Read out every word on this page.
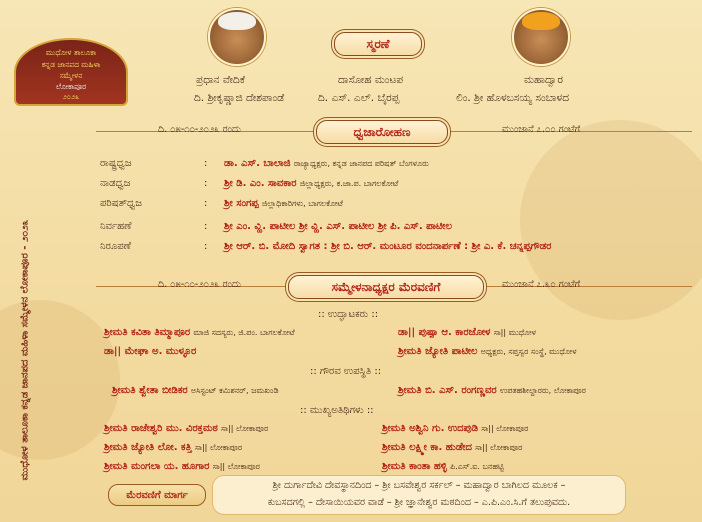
ಮುಧೋಳ ತಾಲೂಕಾ
ಕನ್ನಡ ಜಾನಪದ ಮಹಿಳಾ
ಸಮ್ಮೇಳನ
ಲೋಕಾಪೂರ
೨೦೨೩
ಸ್ಮರಣೆ
ಪ್ರಧಾನ ವೇದಿಕೆ
ದಿ. ಶ್ರೀಕೃಷ್ಣಾಜಿ ದೇಶಪಾಂಡೆ
ದಾಸೋಹ ಮಂಟಪ
ದಿ. ಎಸ್. ಎಲ್. ಬೈರಪ್ಪ
ಮಹಾದ್ವಾರ
ಲಿಂ. ಶ್ರೀ ಹೊಳಬಸಯ್ಯ ಸಂಬಾಳದ
ದಿ. ೦೫-೧೦-೨೦೨೩ ರಂದು	ಧ್ವಜಾರೋಹಣ	ಮುಂಜಾನೆ ೭.೦೦ ಗಂಟೆಗೆ
ರಾಷ್ಟ್ರಧ್ವಜ	: ಡಾ. ಎಸ್. ಬಾಲಾಜಿ ರಾಜ್ಯಾಧ್ಯಕ್ಷರು, ಕನ್ನಡ ಜಾನಪದ ಪರಿಷತ್ ಬೆಂಗಳೂರು
ನಾಡಧ್ವಜ	: ಶ್ರೀ ಡಿ. ಎಂ. ಸಾವಕಾರ ಜಿಲ್ಲಾಧ್ಯಕ್ಷರು, ಕ.ಜಾ.ಪ. ಬಾಗಲಕೋಟೆ
ಪರಿಷತ್‌ಧ್ವಜ	: ಶ್ರೀ ಸಂಗಪ್ಪ ಜಿಲ್ಲಾಧಿಕಾರಿಗಳು, ಬಾಗಲಕೋಟೆ
ನಿರ್ವಹಣೆ	: ಶ್ರೀ ಎಂ. ವ್ಹಿ. ಪಾಟೀಲ ಶ್ರೀ ವ್ಹಿ. ಎಸ್. ಪಾಟೀಲ ಶ್ರೀ ಪಿ. ಎಸ್. ಪಾಟೀಲ
ನಿರೂಪಣೆ	: ಶ್ರೀ ಆರ್. ಬಿ. ಮೋದಿ ಸ್ವಾಗತ : ಶ್ರೀ ಬಿ. ಆರ್. ಮಂಟೂರ ವಂದನಾರ್ಪಣೆ : ಶ್ರೀ ಎ. ಕೆ. ಚನ್ನಪ್ಪಗೌಡರ
ದಿ. ೦೫-೧೦-೨೦೨೩ ರಂದು	ಸಮ್ಮೇಳನಾಧ್ಯಕ್ಷರ ಮೆರವಣಿಗೆ	ಮುಂಜಾನೆ ೭.೩೦ ಗಂಟೆಗೆ
:: ಉದ್ಘಾಟಕರು ::
ಶ್ರೀಮತಿ ಕವಿತಾ ತಿಮ್ಮಾಪೂರ ಮಾಜಿ ಸದಸ್ಯರು, ಜಿ.ಪಂ. ಬಾಗಲಕೋಟೆ	ಡಾ|| ಪುಷ್ಪಾ ಆ. ಕಾರಜೋಳ ಸಾ|| ಮುಧೋಳ
ಡಾ|| ಮೇಘಾ ಅ. ಮುಳ್ಳೂರ	ಶ್ರೀಮತಿ ಜ್ಯೋತಿ ಪಾಟೀಲ ಅಧ್ಯಕ್ಷರು, ಸಪ್ತಸ್ವರ ಸಂಸ್ಥೆ, ಮುಧೋಳ
:: ಗೌರವ ಉಪಸ್ಥಿತಿ ::
ಶ್ರೀಮತಿ ಶ್ವೇತಾ ಬೀಡಿಕರ ಅಸಿಸ್ಟಂಟ್ ಕಮಿಶನರ್, ಜಮಖಂಡಿ	ಶ್ರೀಮತಿ ಬಿ. ಎಸ್. ರಂಗಣ್ಣವರ ಉಪತಹಶೀಲ್ದಾರರು, ಲೋಕಾಪೂರ
:: ಮುಖ್ಯಅತಿಥಿಗಳು ::
ಶ್ರೀಮತಿ ರಾಜೇಶ್ವರಿ ಮು. ವಿರಕ್ತಮಠ ಸಾ|| ಲೋಕಾಪೂರ	ಶ್ರೀಮತಿ ಅಶ್ವಿನಿ ಗು. ಉದಪುಡಿ ಸಾ|| ಲೋಕಾಪೂರ
ಶ್ರೀಮತಿ ಜ್ಯೋತಿ ಲೋ. ಕತ್ತಿ ಸಾ|| ಲೋಕಾಪೂರ	ಶ್ರೀಮತಿ ಲಕ್ಷ್ಮೀ ಕಾ. ಹುಡೇದ ಸಾ|| ಲೋಕಾಪೂರ
ಶ್ರೀಮತಿ ಮಂಗಲಾ ಯ. ಹೂಗಾರ ಸಾ|| ಲೋಕಾಪೂರ	ಶ್ರೀಮತಿ ಕಾಂತಾ ಹಳ್ಳಿ ಪಿ.ಎಸ್.ಐ. ಬನಹಟ್ಟಿ
ಮುಧೋಳ ತಾಲೂಕಾ ಕನ್ನಡ ಜಾನಪದ ಮಹಿಳಾ ಸಮ್ಮೇಳನ ಲೋಕಾಪೂರ - ೨೦೨೩
ಮೆರವಣಿಗೆ ಮಾರ್ಗ
ಶ್ರೀ ದುರ್ಗಾದೇವಿ ದೇವಸ್ಥಾನದಿಂದ – ಶ್ರೀ ಬಸವೇಶ್ವರ ಸರ್ಕಲ್ – ಮಹಾದ್ವಾರ ಬಾಗಿಲದ ಮೂಲಕ –
ಕುಬಸದಗಲ್ಲಿ – ದೇಸಾಯಿಯವರ ವಾಡೆ – ಶ್ರೀ ಜ್ಞಾನೇಶ್ವರ ಮಠದಿಂದ – ಎ.ಪಿ.ಎಂ.ಸಿ.ಗೆ ತಲುಪುವದು.
